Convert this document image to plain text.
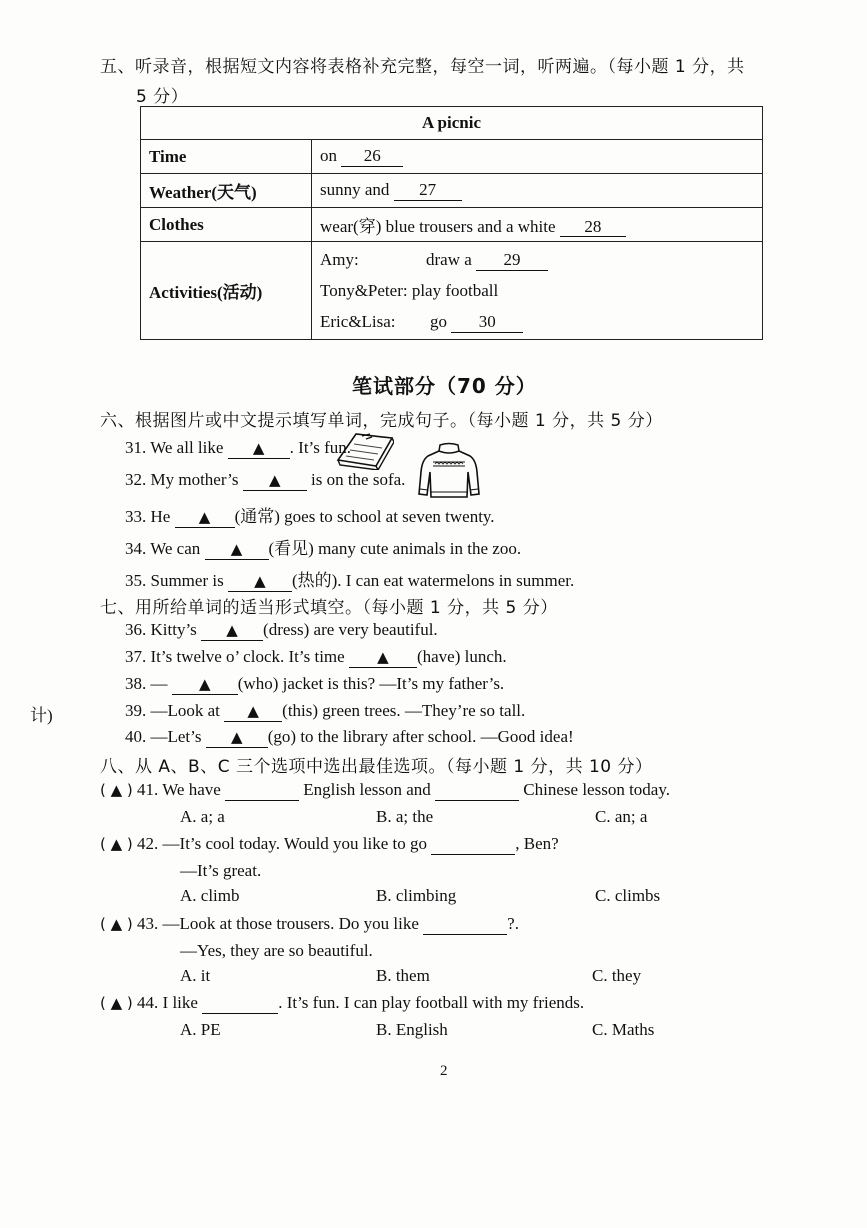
五、听录音，根据短文内容将表格补充完整，每空一词，听两遍。（每小题 1 分，共
5 分）
A picnic	
Time	on 26
Weather(天气)	sunny and 27
Clothes	wear(穿) blue trousers and a white 28
Activities(活动)	Amy: draw a 29
Tony&Peter: play football
Eric&Lisa: go 30
笔试部分（70 分）
六、根据图片或中文提示填写单词，完成句子。（每小题 1 分，共 5 分）
31. We all like ▲ . It’s fun.
32. My mother’s ▲ is on the sofa.
33. He ▲ (通常) goes to school at seven twenty.
34. We can ▲ (看见) many cute animals in the zoo.
35. Summer is ▲ (热的). I can eat watermelons in summer.
七、用所给单词的适当形式填空。（每小题 1 分，共 5 分）
36. Kitty’s ▲ (dress) are very beautiful.
37. It’s twelve o’ clock. It’s time ▲ (have) lunch.
38. — ▲ (who) jacket is this? —It’s my father’s.
计)	39. —Look at ▲ (this) green trees. —They’re so tall.
40. —Let’s ▲ (go) to the library after school. —Good idea!
八、从 A、B、C 三个选项中选出最佳选项。（每小题 1 分，共 10 分）
( ▲ ) 41. We have	English lesson and	Chinese lesson today.
A. a; a	B. a; the	C. an; a
( ▲ ) 42. —It’s cool today. Would you like to go	, Ben?
—It’s great.
A. climb	B. climbing	C. climbs
( ▲ ) 43. —Look at those trousers. Do you like	?.
—Yes, they are so beautiful.
A. it	B. them	C. they
( ▲ ) 44. I like	. It’s fun. I can play football with my friends.
A. PE	B. English	C. Maths
2
